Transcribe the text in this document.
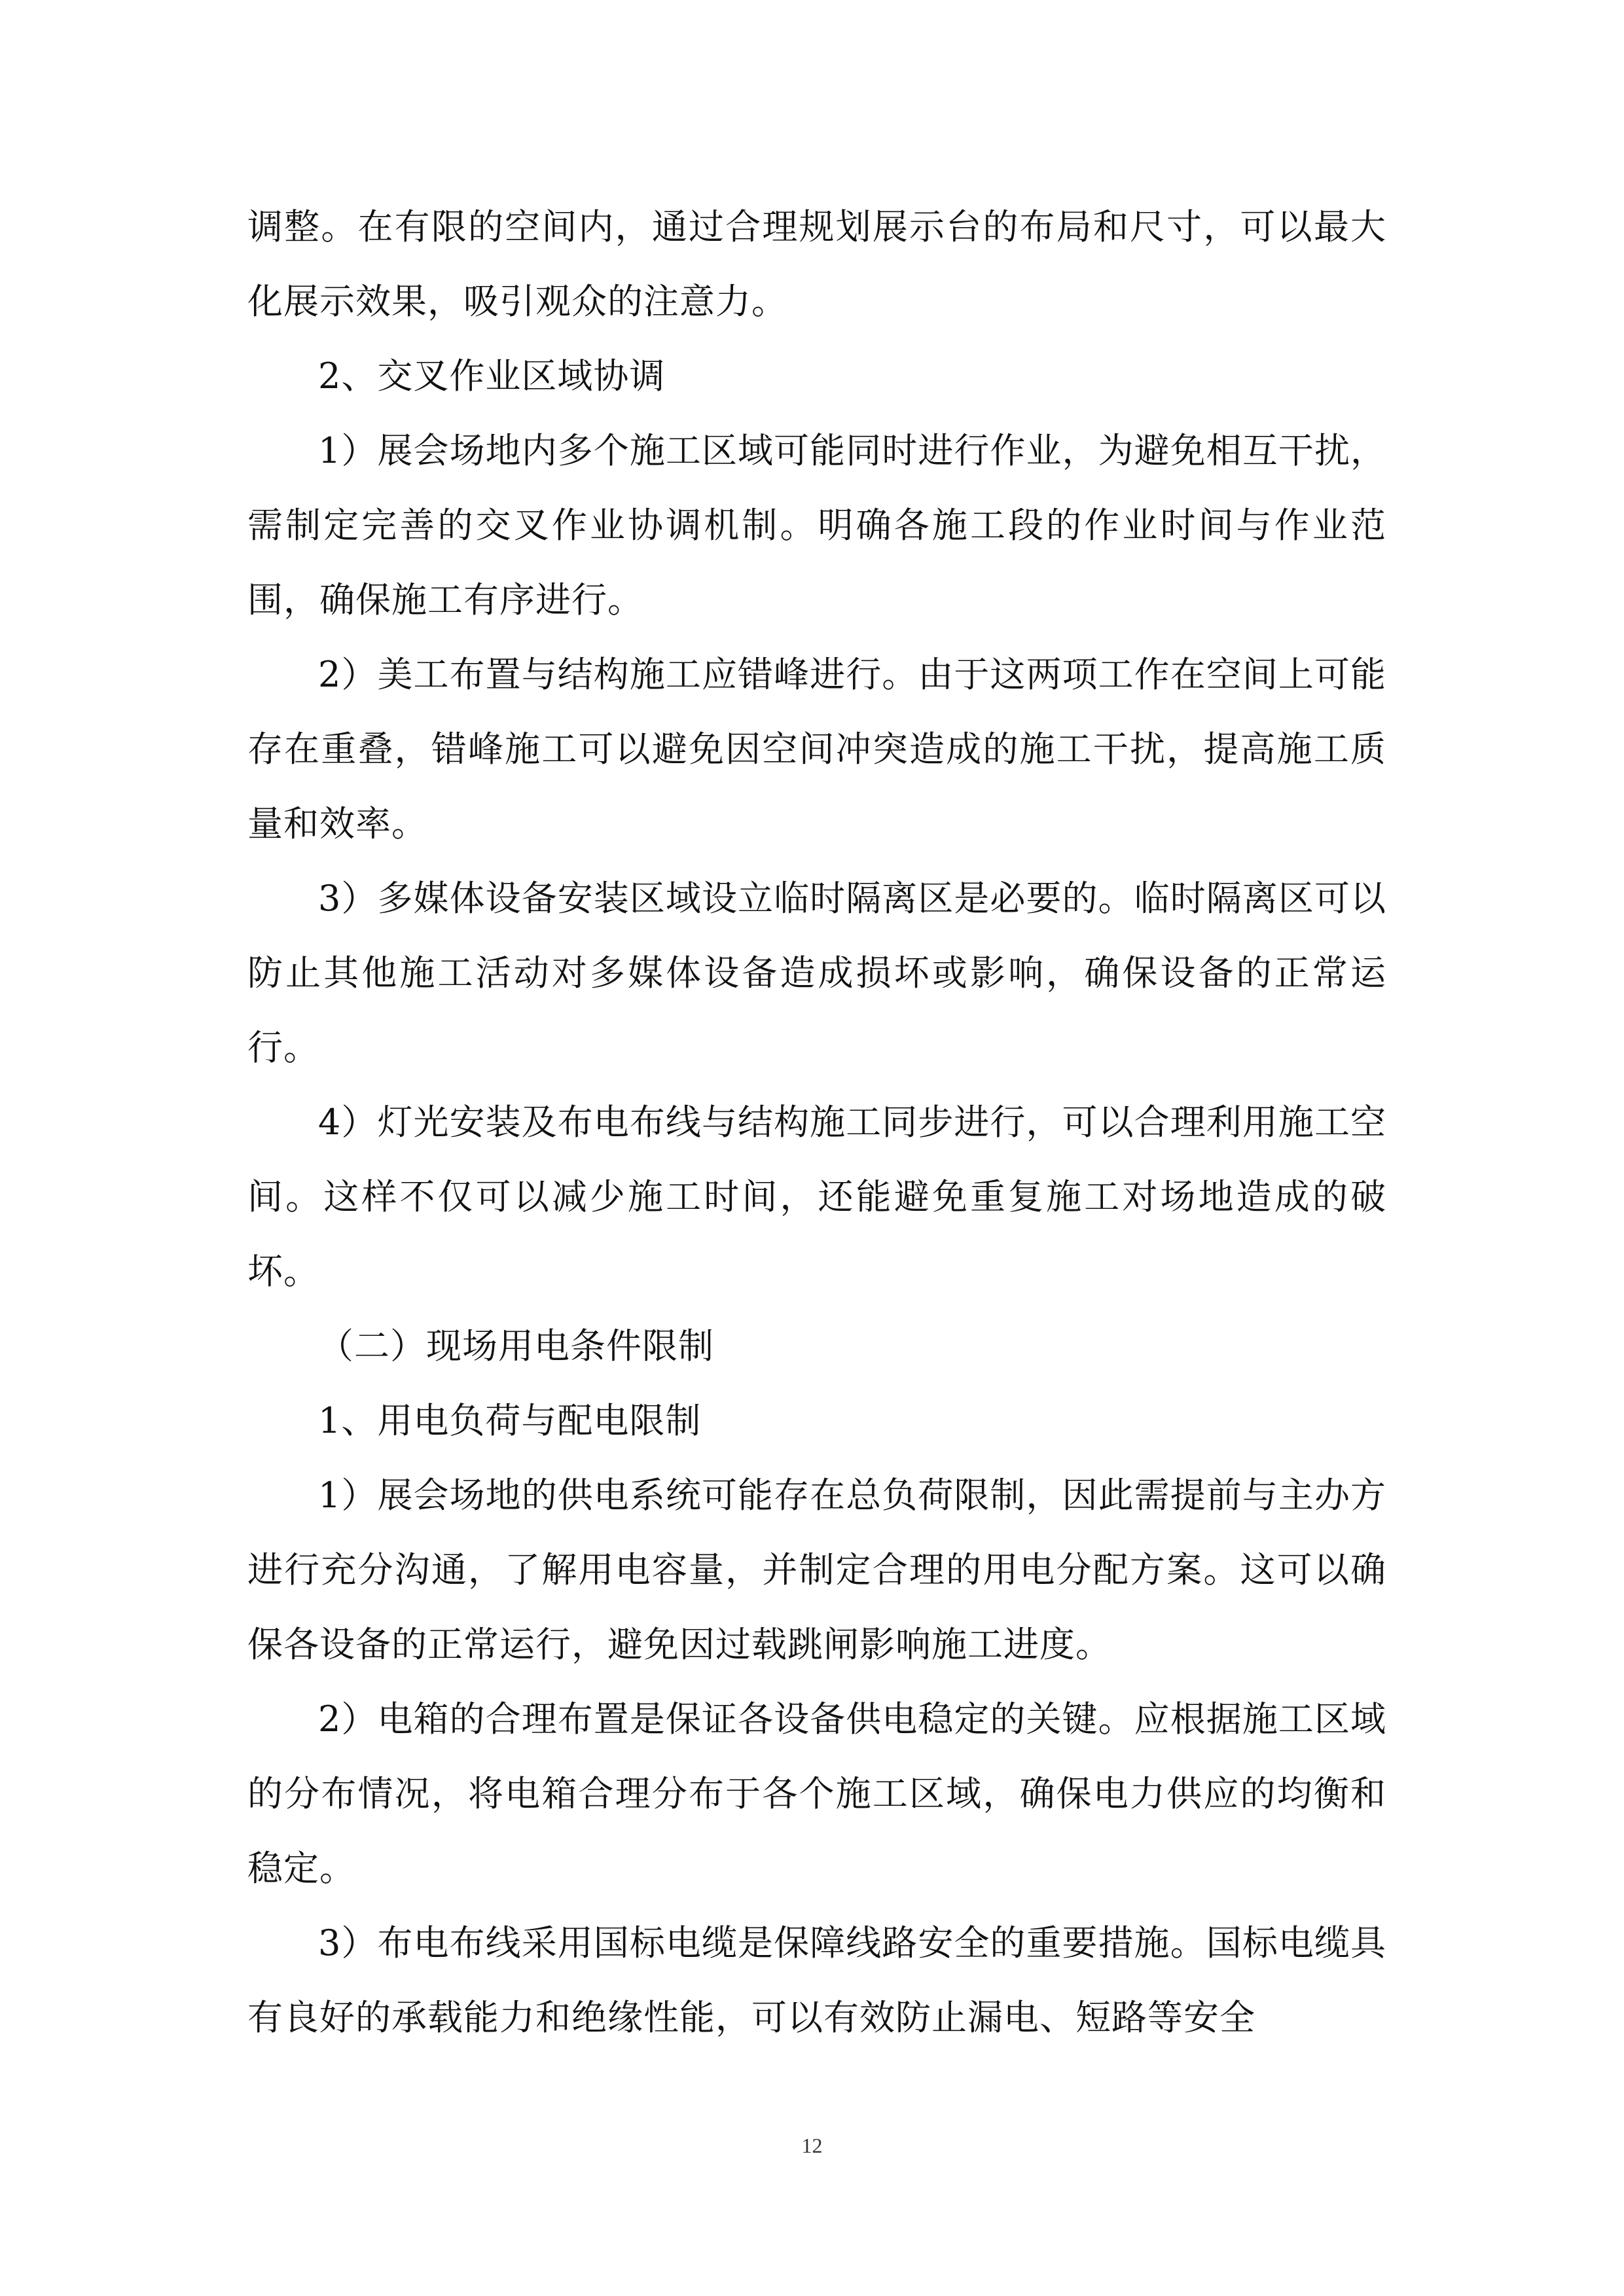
调整。在有限的空间内，通过合理规划展示台的布局和尺寸，可以最大化展示效果，吸引观众的注意力。

2、交叉作业区域协调

1）展会场地内多个施工区域可能同时进行作业，为避免相互干扰，需制定完善的交叉作业协调机制。明确各施工段的作业时间与作业范围，确保施工有序进行。

2）美工布置与结构施工应错峰进行。由于这两项工作在空间上可能存在重叠，错峰施工可以避免因空间冲突造成的施工干扰，提高施工质量和效率。

3）多媒体设备安装区域设立临时隔离区是必要的。临时隔离区可以防止其他施工活动对多媒体设备造成损坏或影响，确保设备的正常运行。

4）灯光安装及布电布线与结构施工同步进行，可以合理利用施工空间。这样不仅可以减少施工时间，还能避免重复施工对场地造成的破坏。

（二）现场用电条件限制

1、用电负荷与配电限制

1）展会场地的供电系统可能存在总负荷限制，因此需提前与主办方进行充分沟通，了解用电容量，并制定合理的用电分配方案。这可以确保各设备的正常运行，避免因过载跳闸影响施工进度。

2）电箱的合理布置是保证各设备供电稳定的关键。应根据施工区域的分布情况，将电箱合理分布于各个施工区域，确保电力供应的均衡和稳定。

3）布电布线采用国标电缆是保障线路安全的重要措施。国标电缆具有良好的承载能力和绝缘性能，可以有效防止漏电、短路等安全

12
